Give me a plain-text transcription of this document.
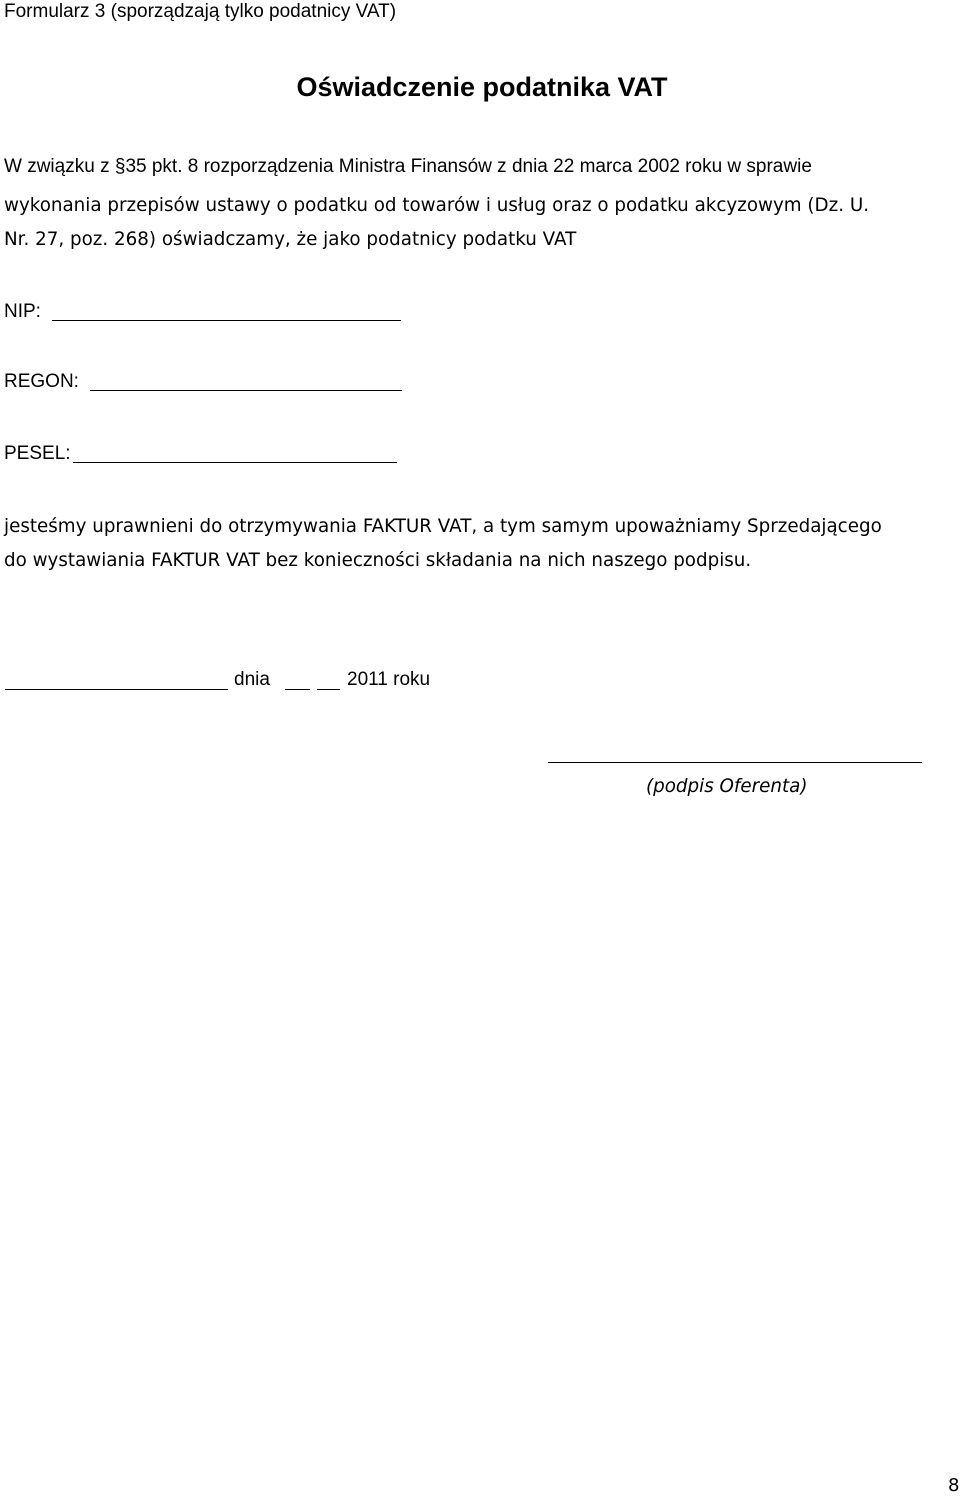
Formularz 3 (sporządzają tylko podatnicy VAT)
Oświadczenie podatnika VAT
W związku z §35 pkt. 8 rozporządzenia Ministra Finansów z dnia 22 marca 2002 roku w sprawie
wykonania przepisów ustawy o podatku od towarów i usług oraz o podatku akcyzowym (Dz. U.
Nr. 27, poz. 268) oświadczamy, że jako podatnicy podatku VAT
NIP:
REGON:
PESEL:
jesteśmy uprawnieni do otrzymywania FAKTUR VAT, a tym samym upoważniamy Sprzedającego
do wystawiania FAKTUR VAT bez konieczności składania na nich naszego podpisu.
dnia	2011 roku
(podpis Oferenta)
8
